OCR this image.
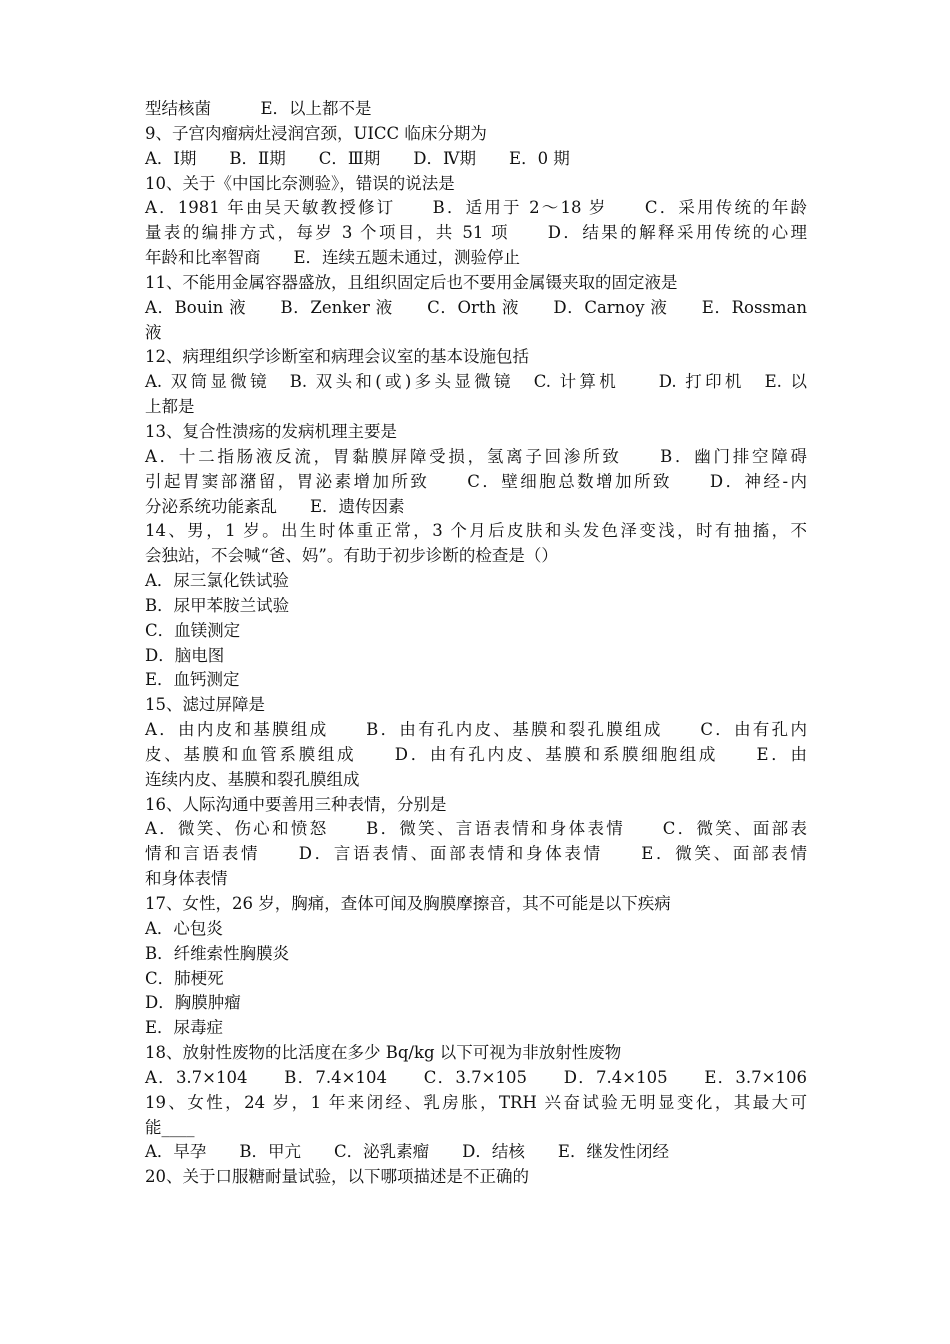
型结核菌　　　E．以上都不是
9、子宫肉瘤病灶浸润宫颈，UICC 临床分期为
A．Ⅰ期　　B．Ⅱ期　　C．Ⅲ期　　D．Ⅳ期　　E．0 期
10、关于《中国比奈测验》，错误的说法是
A．1981 年由吴天敏教授修订　　B．适用于 2～18 岁　　C．采用传统的年龄
量表的编排方式，每岁 3 个项目，共 51 项　　D．结果的解释采用传统的心理
年龄和比率智商　　E．连续五题未通过，测验停止
11、不能用金属容器盛放，且组织固定后也不要用金属镊夹取的固定液是
A．Bouin 液　　B．Zenker 液　　C．Orth 液　　D．Carnoy 液　　E．Rossman
液
12、病理组织学诊断室和病理会议室的基本设施包括
A. 双筒显微镜　B. 双头和(或)多头显微镜　C. 计算机　　D. 打印机　E. 以
上都是
13、复合性溃疡的发病机理主要是
A．十二指肠液反流，胃黏膜屏障受损，氢离子回渗所致　　B．幽门排空障碍
引起胃窦部潴留，胃泌素增加所致　　C．壁细胞总数增加所致　　D．神经-内
分泌系统功能紊乱　　E．遗传因素
14、男，1 岁。出生时体重正常，3 个月后皮肤和头发色泽变浅，时有抽搐，不
会独站，不会喊“爸、妈”。有助于初步诊断的检查是（）
A．尿三氯化铁试验
B．尿甲苯胺兰试验
C．血镁测定
D．脑电图
E．血钙测定
15、滤过屏障是
A．由内皮和基膜组成　　B．由有孔内皮、基膜和裂孔膜组成　　C．由有孔内
皮、基膜和血管系膜组成　　D．由有孔内皮、基膜和系膜细胞组成　　E．由
连续内皮、基膜和裂孔膜组成
16、人际沟通中要善用三种表情，分别是
A．微笑、伤心和愤怒　　B．微笑、言语表情和身体表情　　C．微笑、面部表
情和言语表情　　D．言语表情、面部表情和身体表情　　E．微笑、面部表情
和身体表情
17、女性，26 岁，胸痛，查体可闻及胸膜摩擦音，其不可能是以下疾病
A．心包炎
B．纤维索性胸膜炎
C．肺梗死
D．胸膜肿瘤
E．尿毒症
18、放射性废物的比活度在多少 Bq/kg 以下可视为非放射性废物
A．3.7×104　　B．7.4×104　　C．3.7×105　　D．7.4×105　　E．3.7×106
19、女性，24 岁，1 年来闭经、乳房胀，TRH 兴奋试验无明显变化，其最大可
能____
A．早孕　　B．甲亢　　C．泌乳素瘤　　D．结核　　E．继发性闭经
20、关于口服糖耐量试验，以下哪项描述是不正确的
